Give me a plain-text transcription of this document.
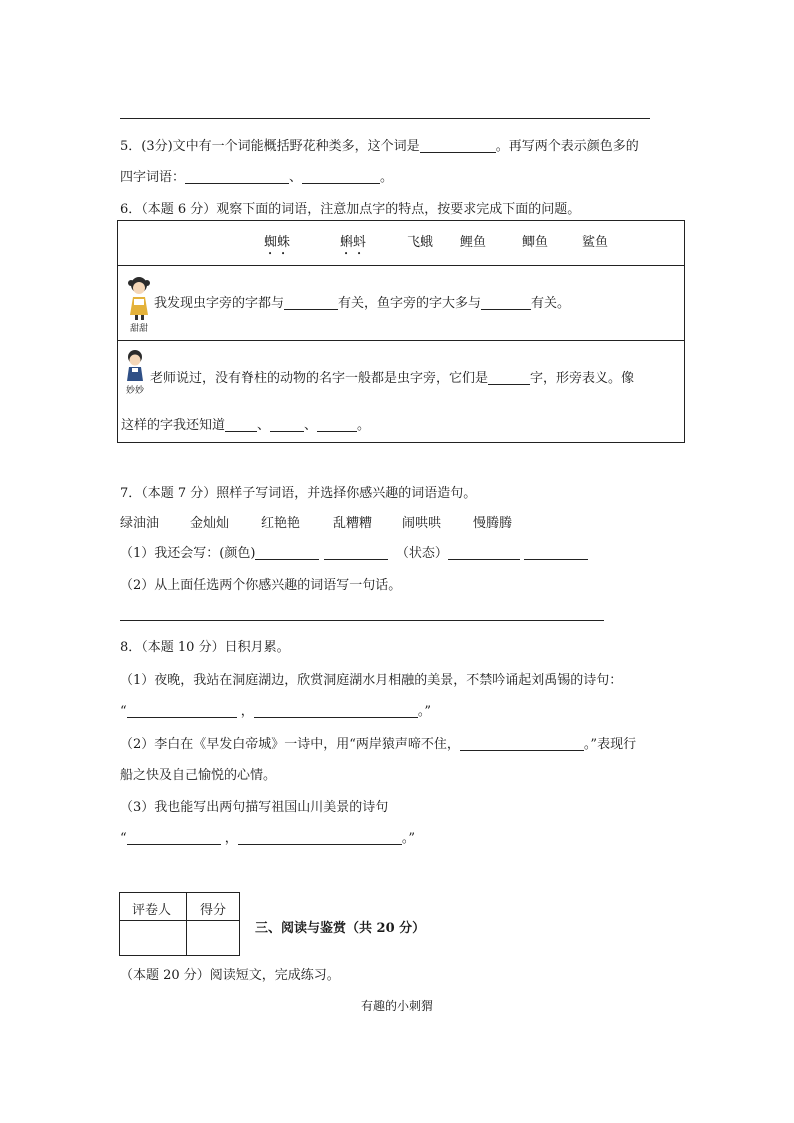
5．(3分)文中有一个词能概括野花种类多，这个词是	。再写两个表示颜色多的
四字词语：	、	。
6．（本题 6 分）观察下面的词语，注意加点字的特点，按要求完成下面的问题。
蜘蛛	蝌蚪	飞蛾 鲤鱼	鲫鱼	鲨鱼
甜甜
我发现虫字旁的字都与	有关，鱼字旁的字大多与	有关。
妙妙
老师说过，没有脊柱的动物的名字一般都是虫字旁，它们是	字，形旁表义。像
这样的字我还知道 、	、	。
7．（本题 7 分）照样子写词语，并选择你感兴趣的词语造句。
绿油油 金灿灿 红艳艳	乱糟糟 闹哄哄 慢腾腾
（1）我还会写：(颜色)	（状态）
（2）从上面任选两个你感兴趣的词语写一句话。
8．（本题 10 分）日积月累。
（1）夜晚，我站在洞庭湖边，欣赏洞庭湖水月相融的美景，不禁吟诵起刘禹锡的诗句：
“	，	。”
（2）李白在《早发白帝城》一诗中，用“两岸猿声啼不住，	。”表现行
船之快及自己愉悦的心情。
（3）我也能写出两句描写祖国山川美景的诗句
“	，	。”
评卷人 得分
三、阅读与鉴赏（共 20 分）
（本题 20 分）阅读短文，完成练习。
有趣的小刺猬
